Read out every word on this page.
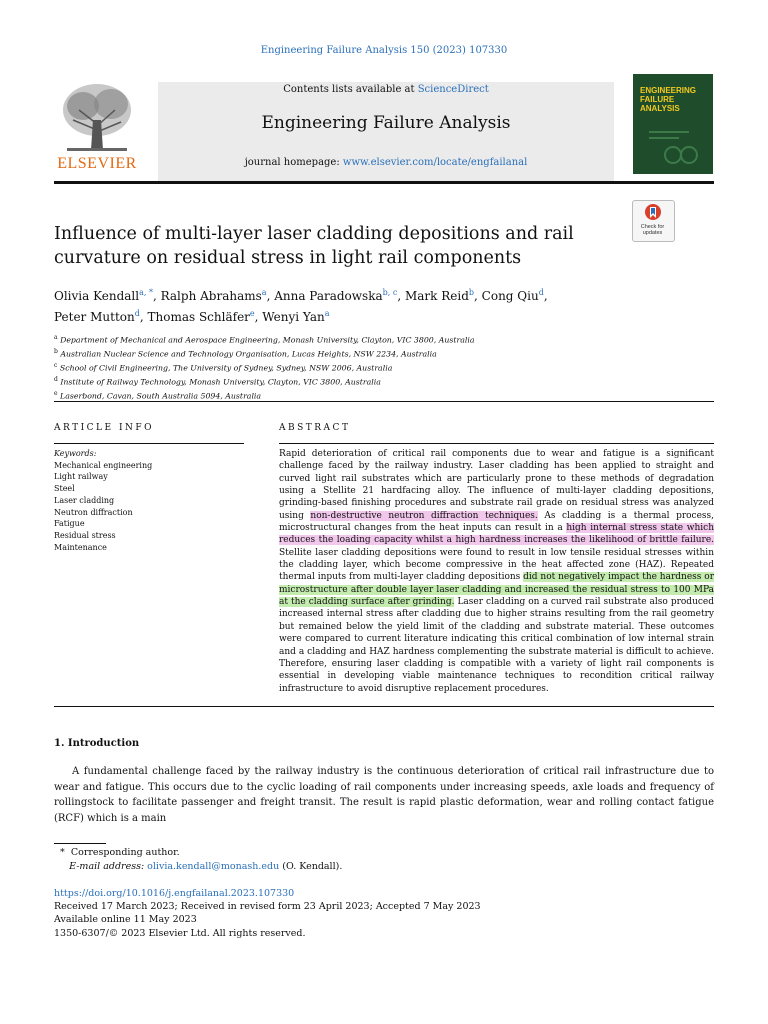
Engineering Failure Analysis 150 (2023) 107330
Contents lists available at ScienceDirect
Engineering Failure Analysis
journal homepage: www.elsevier.com/locate/engfailanal
ELSEVIER
ENGINEERING
FAILURE
ANALYSIS
Check for
updates
Influence of multi-layer laser cladding depositions and rail
curvature on residual stress in light rail components
Olivia Kendall$^{a, *}$, Ralph Abrahams$^a$, Anna Paradowska$^{b, c}$, Mark Reid$^b$, Cong Qiu$^d$,
Peter Mutton$^d$, Thomas Schläfer$^e$, Wenyi Yan$^a$
$^a$ Department of Mechanical and Aerospace Engineering, Monash University, Clayton, VIC 3800, Australia
$^b$ Australian Nuclear Science and Technology Organisation, Lucas Heights, NSW 2234, Australia
$^c$ School of Civil Engineering, The University of Sydney, Sydney, NSW 2006, Australia
$^d$ Institute of Railway Technology, Monash University, Clayton, VIC 3800, Australia
$^e$ Laserbond, Cavan, South Australia 5094, Australia
ARTICLE INFO
Keywords:
Mechanical engineering
Light railway
Steel
Laser cladding
Neutron diffraction
Fatigue
Residual stress
Maintenance
ABSTRACT
Rapid deterioration of critical rail components due to wear and fatigue is a significant challenge faced by the railway industry. Laser cladding has been applied to straight and curved light rail substrates which are particularly prone to these methods of degradation using a Stellite 21 hardfacing alloy. The influence of multi-layer cladding depositions, grinding-based finishing procedures and substrate rail grade on residual stress was analyzed using non-destructive neutron diffraction techniques. As cladding is a thermal process, microstructural changes from the heat inputs can result in a high internal stress state which reduces the loading capacity whilst a high hardness increases the likelihood of brittle failure. Stellite laser cladding depositions were found to result in low tensile residual stresses within the cladding layer, which become compressive in the heat affected zone (HAZ). Repeated thermal inputs from multi-layer cladding depositions did not negatively impact the hardness or microstructure after double layer laser cladding and increased the residual stress to 100 MPa at the cladding surface after grinding. Laser cladding on a curved rail substrate also produced increased internal stress after cladding due to higher strains resulting from the rail geometry but remained below the yield limit of the cladding and substrate material. These outcomes were compared to current literature indicating this critical combination of low internal strain and a cladding and HAZ hardness complementing the substrate material is difficult to achieve. Therefore, ensuring laser cladding is compatible with a variety of light rail components is essential in developing viable maintenance techniques to recondition critical railway infrastructure to avoid disruptive replacement procedures.
1. Introduction
A fundamental challenge faced by the railway industry is the continuous deterioration of critical rail infrastructure due to wear and fatigue. This occurs due to the cyclic loading of rail components under increasing speeds, axle loads and frequency of rollingstock to facilitate passenger and freight transit. The result is rapid plastic deformation, wear and rolling contact fatigue (RCF) which is a main
* Corresponding author.
E-mail address: olivia.kendall@monash.edu (O. Kendall).
https://doi.org/10.1016/j.engfailanal.2023.107330
Received 17 March 2023; Received in revised form 23 April 2023; Accepted 7 May 2023
Available online 11 May 2023
1350-6307/© 2023 Elsevier Ltd. All rights reserved.
